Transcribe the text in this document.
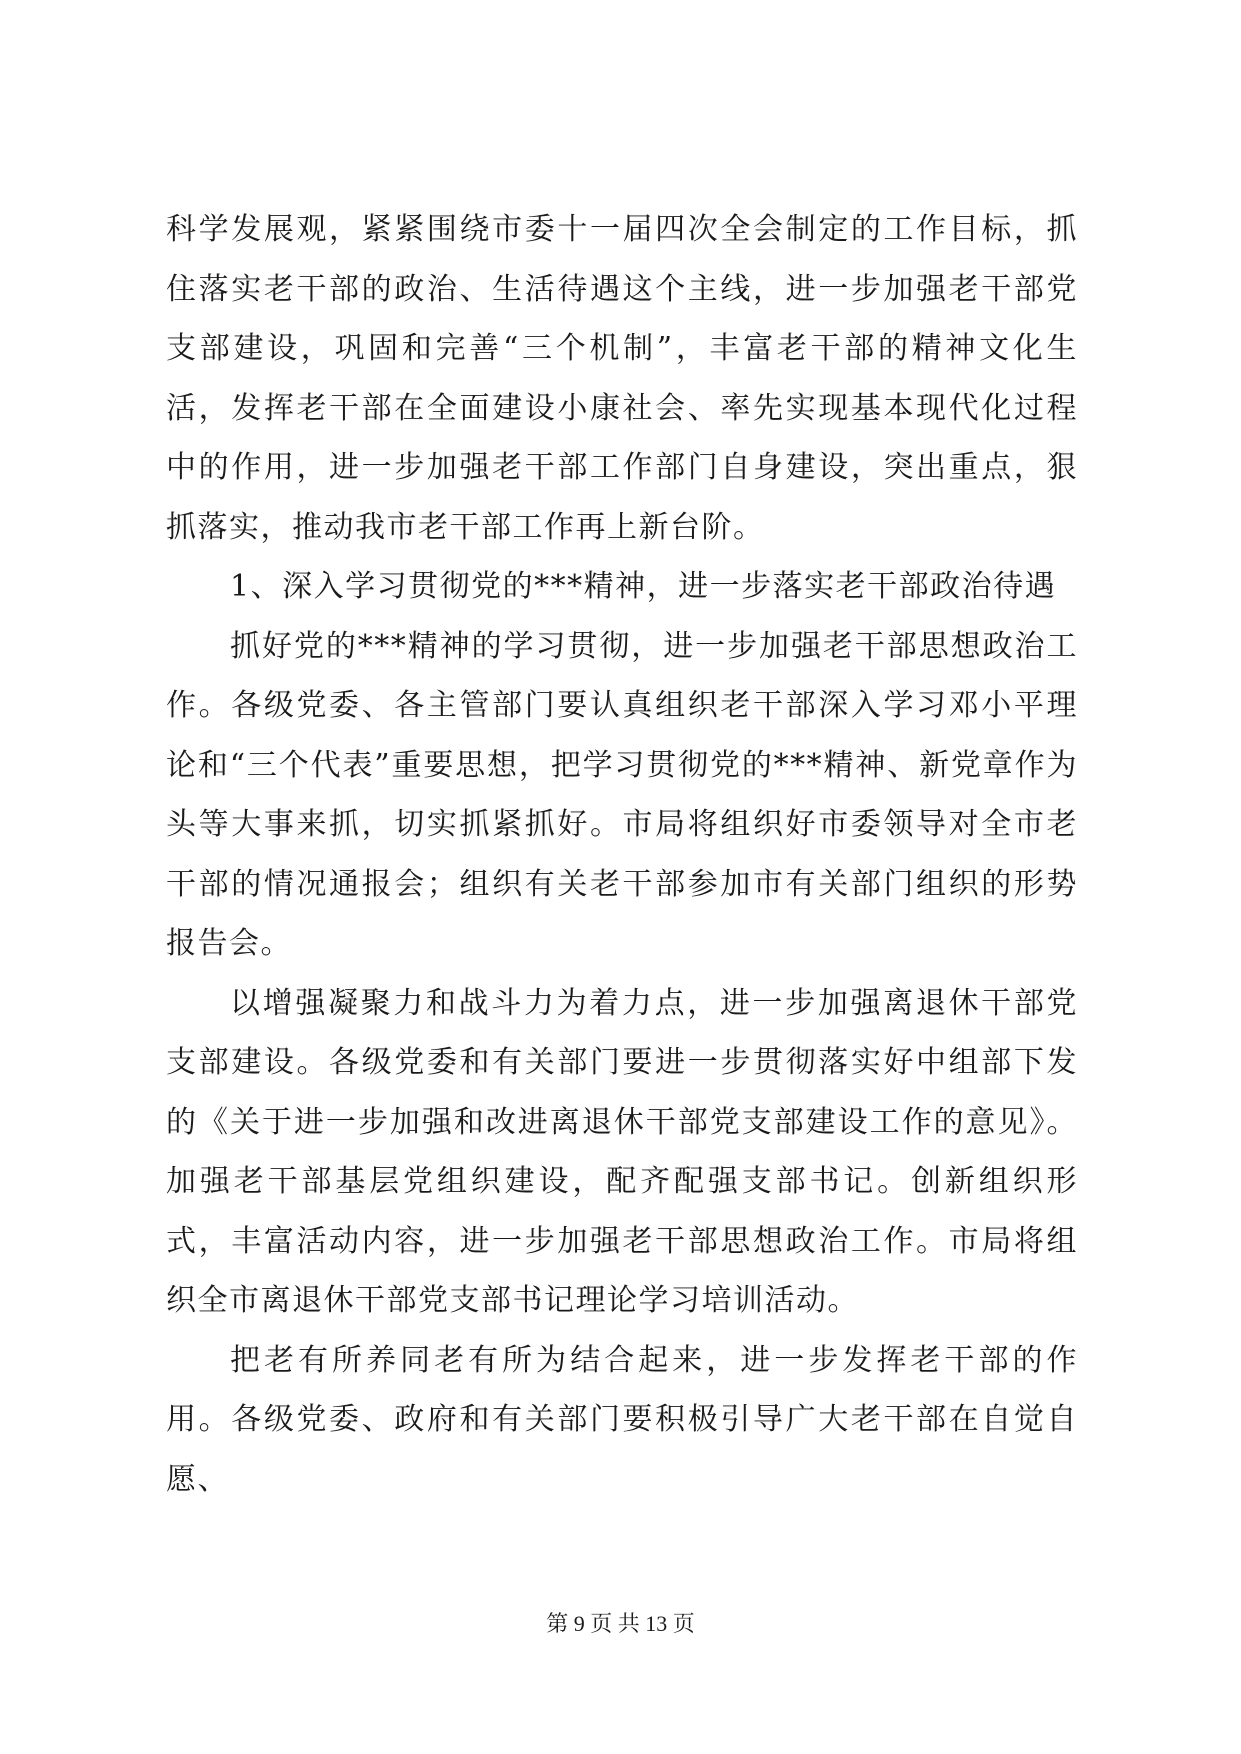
科学发展观，紧紧围绕市委十一届四次全会制定的工作目标，抓住落实老干部的政治、生活待遇这个主线，进一步加强老干部党支部建设，巩固和完善“三个机制”，丰富老干部的精神文化生活，发挥老干部在全面建设小康社会、率先实现基本现代化过程中的作用，进一步加强老干部工作部门自身建设，突出重点，狠抓落实，推动我市老干部工作再上新台阶。

1、深入学习贯彻党的***精神，进一步落实老干部政治待遇

抓好党的***精神的学习贯彻，进一步加强老干部思想政治工作。各级党委、各主管部门要认真组织老干部深入学习邓小平理论和“三个代表”重要思想，把学习贯彻党的***精神、新党章作为头等大事来抓，切实抓紧抓好。市局将组织好市委领导对全市老干部的情况通报会；组织有关老干部参加市有关部门组织的形势报告会。

以增强凝聚力和战斗力为着力点，进一步加强离退休干部党支部建设。各级党委和有关部门要进一步贯彻落实好中组部下发的《关于进一步加强和改进离退休干部党支部建设工作的意见》。加强老干部基层党组织建设，配齐配强支部书记。创新组织形式，丰富活动内容，进一步加强老干部思想政治工作。市局将组织全市离退休干部党支部书记理论学习培训活动。

把老有所养同老有所为结合起来，进一步发挥老干部的作用。各级党委、政府和有关部门要积极引导广大老干部在自觉自愿、

第 9 页 共 13 页
